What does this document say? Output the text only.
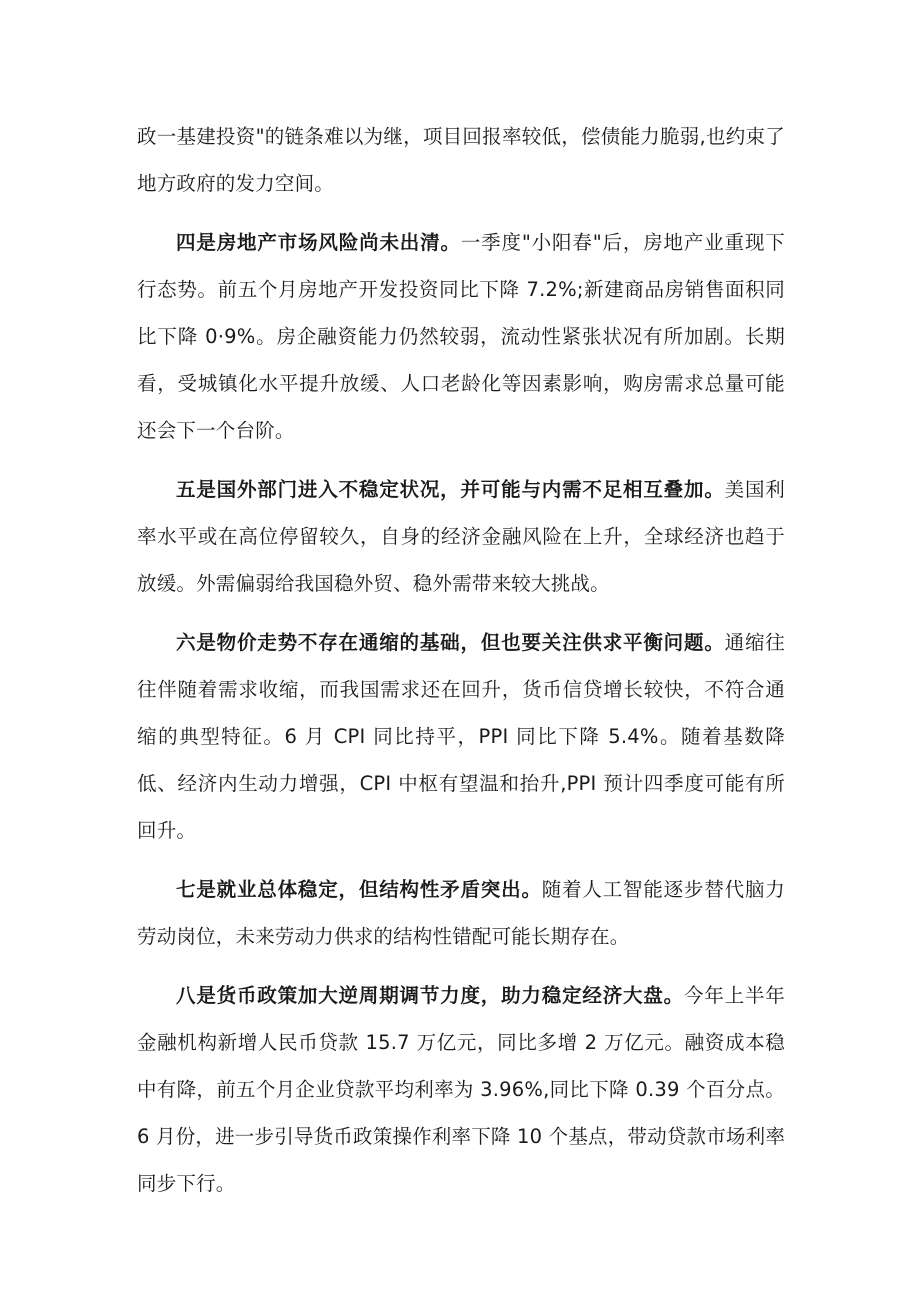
政一基建投资"的链条难以为继，项目回报率较低，偿债能力脆弱,也约束了地方政府的发力空间。

四是房地产市场风险尚未出清。一季度"小阳春"后，房地产业重现下行态势。前五个月房地产开发投资同比下降 7.2%;新建商品房销售面积同比下降 0·9%。房企融资能力仍然较弱，流动性紧张状况有所加剧。长期看，受城镇化水平提升放缓、人口老龄化等因素影响，购房需求总量可能还会下一个台阶。

五是国外部门进入不稳定状况，并可能与内需不足相互叠加。美国利率水平或在高位停留较久，自身的经济金融风险在上升，全球经济也趋于放缓。外需偏弱给我国稳外贸、稳外需带来较大挑战。

六是物价走势不存在通缩的基础，但也要关注供求平衡问题。通缩往往伴随着需求收缩，而我国需求还在回升，货币信贷增长较快，不符合通缩的典型特征。6 月 CPI 同比持平，PPI 同比下降 5.4%。随着基数降低、经济内生动力增强，CPI 中枢有望温和抬升,PPI 预计四季度可能有所回升。

七是就业总体稳定，但结构性矛盾突出。随着人工智能逐步替代脑力劳动岗位，未来劳动力供求的结构性错配可能长期存在。

八是货币政策加大逆周期调节力度，助力稳定经济大盘。今年上半年金融机构新增人民币贷款 15.7 万亿元，同比多增 2 万亿元。融资成本稳中有降，前五个月企业贷款平均利率为 3.96%,同比下降 0.39 个百分点。6 月份，进一步引导货币政策操作利率下降 10 个基点，带动贷款市场利率同步下行。
